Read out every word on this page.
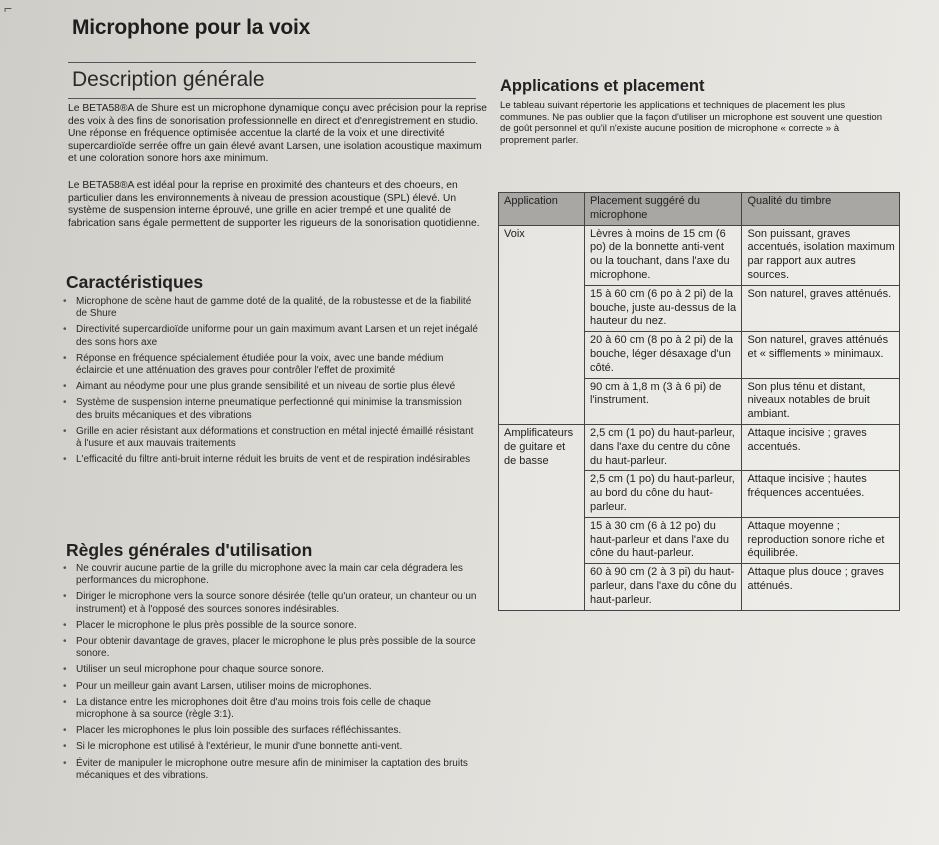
⌐
Microphone pour la voix
Description générale
Le BETA58®A de Shure est un microphone dynamique conçu avec précision pour la reprise des voix à des fins de sonorisation professionnelle en direct et d'enregistrement en studio. Une réponse en fréquence optimisée accentue la clarté de la voix et une directivité supercardioïde serrée offre un gain élevé avant Larsen, une isolation acoustique maximum et une coloration sonore hors axe minimum.
Le BETA58®A est idéal pour la reprise en proximité des chanteurs et des choeurs, en particulier dans les environnements à niveau de pression acoustique (SPL) élevé. Un système de suspension interne éprouvé, une grille en acier trempé et une qualité de fabrication sans égale permettent de supporter les rigueurs de la sonorisation quotidienne.
Caractéristiques
• Microphone de scène haut de gamme doté de la qualité, de la robustesse et de la fiabilité de Shure
• Directivité supercardioïde uniforme pour un gain maximum avant Larsen et un rejet inégalé des sons hors axe
• Réponse en fréquence spécialement étudiée pour la voix, avec une bande médium éclaircie et une atténuation des graves pour contrôler l'effet de proximité
• Aimant au néodyme pour une plus grande sensibilité et un niveau de sortie plus élevé
• Système de suspension interne pneumatique perfectionné qui minimise la transmission des bruits mécaniques et des vibrations
• Grille en acier résistant aux déformations et construction en métal injecté émaillé résistant à l'usure et aux mauvais traitements
• L'efficacité du filtre anti-bruit interne réduit les bruits de vent et de respiration indésirables
Règles générales d'utilisation
• Ne couvrir aucune partie de la grille du microphone avec la main car cela dégradera les performances du microphone.
• Diriger le microphone vers la source sonore désirée (telle qu'un orateur, un chanteur ou un instrument) et à l'opposé des sources sonores indésirables.
• Placer le microphone le plus près possible de la source sonore.
• Pour obtenir davantage de graves, placer le microphone le plus près possible de la source sonore.
• Utiliser un seul microphone pour chaque source sonore.
• Pour un meilleur gain avant Larsen, utiliser moins de microphones.
• La distance entre les microphones doit être d'au moins trois fois celle de chaque microphone à sa source (règle 3:1).
• Placer les microphones le plus loin possible des surfaces réfléchissantes.
• Si le microphone est utilisé à l'extérieur, le munir d'une bonnette anti-vent.
• Éviter de manipuler le microphone outre mesure afin de minimiser la captation des bruits mécaniques et des vibrations.
Applications et placement
Le tableau suivant répertorie les applications et techniques de placement les plus communes. Ne pas oublier que la façon d'utiliser un microphone est souvent une question de goût personnel et qu'il n'existe aucune position de microphone « correcte » à proprement parler.
Application	Placement suggéré du microphone	Qualité du timbre
Voix	Lèvres à moins de 15 cm (6 po) de la bonnette anti-vent ou la touchant, dans l'axe du microphone.	Son puissant, graves accentués, isolation maximum par rapport aux autres sources.
	15 à 60 cm (6 po à 2 pi) de la bouche, juste au-dessus de la hauteur du nez.	Son naturel, graves atténués.
	20 à 60 cm (8 po à 2 pi) de la bouche, léger désaxage d'un côté.	Son naturel, graves atténués et « sifflements » minimaux.
	90 cm à 1,8 m (3 à 6 pi) de l'instrument.	Son plus ténu et distant, niveaux notables de bruit ambiant.
Amplificateurs de guitare et de basse	2,5 cm (1 po) du haut-parleur, dans l'axe du centre du cône du haut-parleur.	Attaque incisive ; graves accentués.
	2,5 cm (1 po) du haut-parleur, au bord du cône du haut-parleur.	Attaque incisive ; hautes fréquences accentuées.
	15 à 30 cm (6 à 12 po) du haut-parleur et dans l'axe du cône du haut-parleur.	Attaque moyenne ; reproduction sonore riche et équilibrée.
	60 à 90 cm (2 à 3 pi) du haut-parleur, dans l'axe du cône du haut-parleur.	Attaque plus douce ; graves atténués.
